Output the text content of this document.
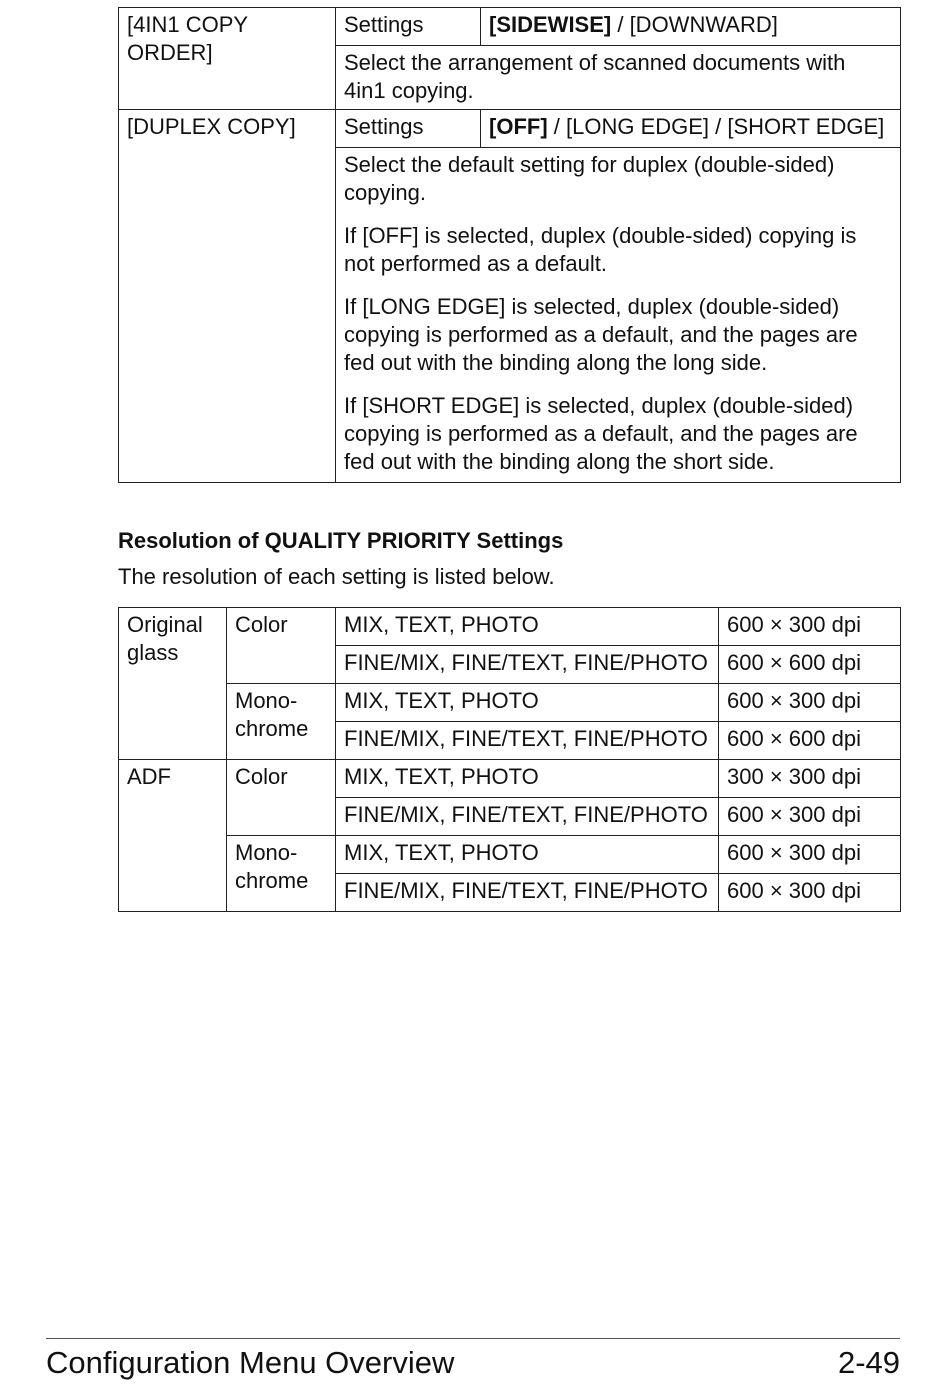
[4IN1 COPY ORDER]	Settings	[SIDEWISE] / [DOWNWARD]

	Select the arrangement of scanned documents with 4in1 copying.	

[DUPLEX COPY]	Settings	[OFF] / [LONG EDGE] / [SHORT EDGE]

	Select the default setting for duplex (double-sided) copying.

If [OFF] is selected, duplex (double-sided) copying is not performed as a default.

If [LONG EDGE] is selected, duplex (double-sided) copying is performed as a default, and the pages are fed out with the binding along the long side.

If [SHORT EDGE] is selected, duplex (double-sided) copying is performed as a default, and the pages are fed out with the binding along the short side.	

Resolution of QUALITY PRIORITY Settings
The resolution of each setting is listed below.
Original glass	Color	MIX, TEXT, PHOTO	600 × 300 dpi

		FINE/MIX, FINE/TEXT, FINE/PHOTO	600 × 600 dpi

	Mono-chrome	MIX, TEXT, PHOTO	600 × 300 dpi

		FINE/MIX, FINE/TEXT, FINE/PHOTO	600 × 600 dpi

ADF	Color	MIX, TEXT, PHOTO	300 × 300 dpi

		FINE/MIX, FINE/TEXT, FINE/PHOTO	600 × 300 dpi

	Mono-chrome	MIX, TEXT, PHOTO	600 × 300 dpi

		FINE/MIX, FINE/TEXT, FINE/PHOTO	600 × 300 dpi
Configuration Menu Overview	2-49
